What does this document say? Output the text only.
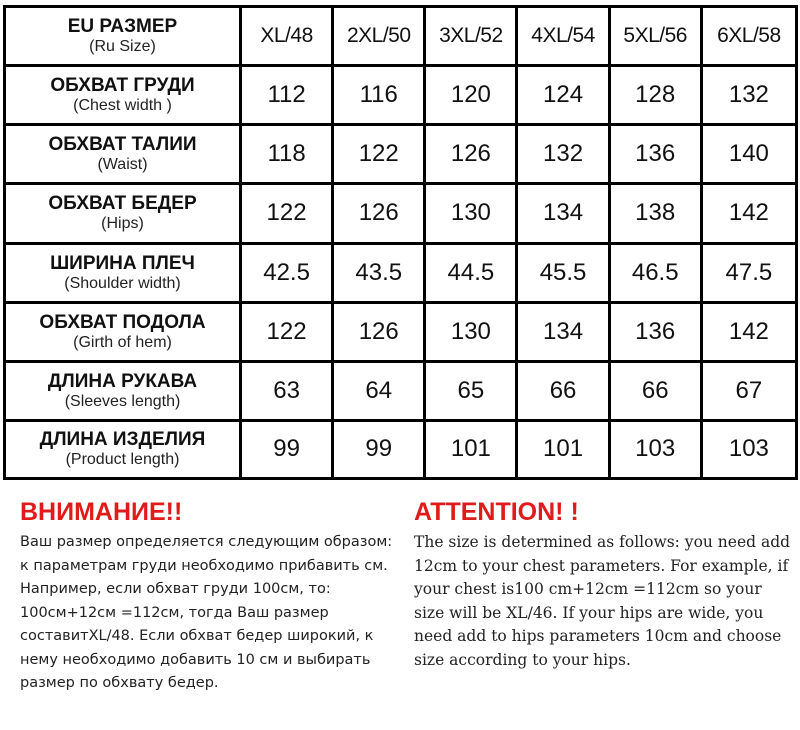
EU РАЗМЕР
(Ru Size)	XL/48	2XL/50	3XL/52	4XL/54	5XL/56	6XL/58

ОБХВАТ ГРУДИ
(Chest width )	112	116	120	124	128	132

ОБХВАТ ТАЛИИ
(Waist)	118	122	126	132	136	140

ОБХВАТ БЕДЕР
(Hips)	122	126	130	134	138	142

ШИРИНА ПЛЕЧ
(Shoulder width)	42.5	43.5	44.5	45.5	46.5	47.5

ОБХВАТ ПОДОЛА
(Girth of hem)	122	126	130	134	136	142

ДЛИНА РУКАВА
(Sleeves length)	63	64	65	66	66	67

ДЛИНА ИЗДЕЛИЯ
(Product length)	99	99	101	101	103	103

ВНИМАНИЕ!!

Ваш размер определяется следующим образом: к параметрам груди необходимо прибавить см. Например, если обхват груди 100см, то: 100см+12см =112см, тогда Ваш размер составитXL/48. Если обхват бедер широкий, к нему необходимо добавить 10 см и выбирать размер по обхвату бедер.

ATTENTION! !

The size is determined as follows: you need add 12cm to your chest parameters. For example, if your chest is100 cm+12cm =112cm so your size will be XL/46. If your hips are wide, you need add to hips parameters 10cm and choose size according to your hips.
